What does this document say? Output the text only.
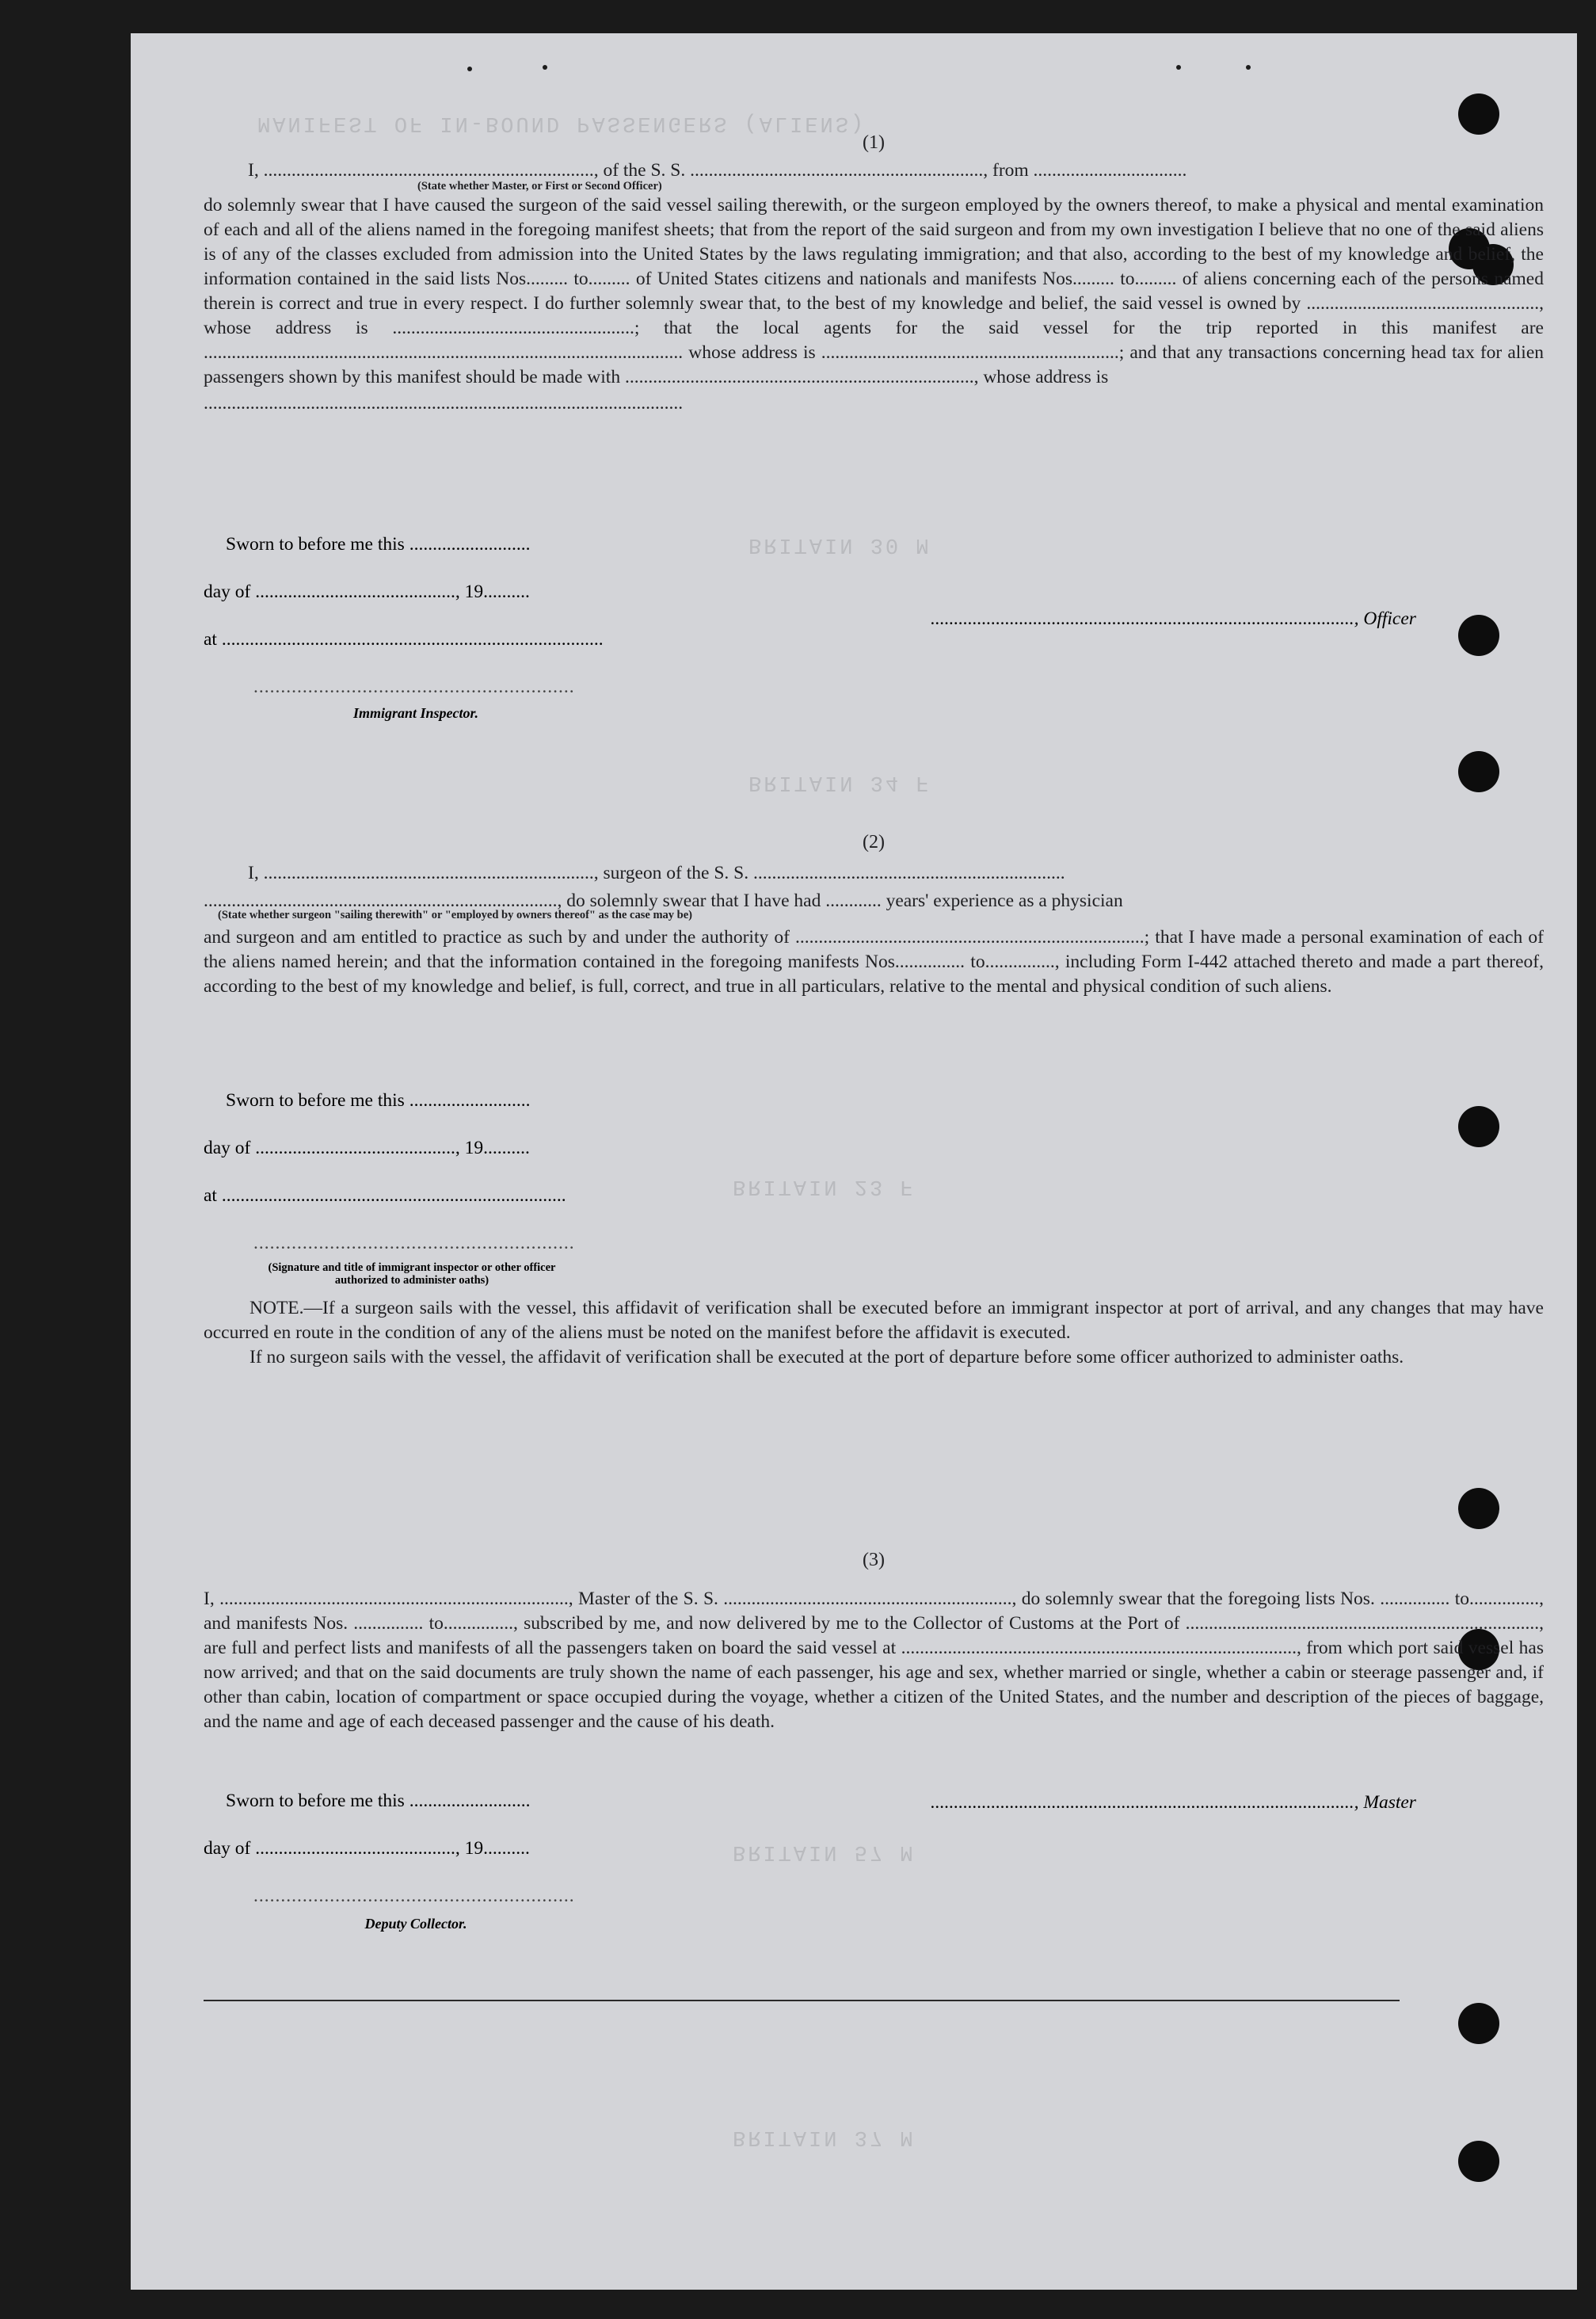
MANIFEST OF IN-BOUND PASSENGERS (ALIENS)
BRITAIN 30 M
BRITAIN 34 F
BRITAIN 23 F
BRITAIN 57 M
BRITAIN 37 M
(1)
I, ......................................................................., of the S. S. ..............................................................., from .................................
(State whether Master, or First or Second Officer)

do solemnly swear that I have caused the surgeon of the said vessel sailing therewith, or the surgeon employed by the owners thereof, to make a physical and mental examination of each and all of the aliens named in the foregoing manifest sheets; that from the report of the said surgeon and from my own investigation I believe that no one of the said aliens is of any of the classes excluded from admission into the United States by the laws regulating immigration; and that also, according to the best of my knowledge and belief, the information contained in the said lists Nos......... to......... of United States citizens and nationals and manifests Nos......... to......... of aliens concerning each of the persons named therein is correct and true in every respect. I do further solemnly swear that, to the best of my knowledge and belief, the said vessel is owned by .................................................., whose address is ....................................................; that the local agents for the said vessel for the trip reported in this manifest are ....................................................................................................... whose address is ................................................................; and that any transactions concerning head tax for alien passengers shown by this manifest should be made with ..........................................................................., whose address is

.......................................................................................................
Sworn to before me this ..........................
day of ..........................................., 19..........
..........................................................................................., Officer
at ..................................................................................
...........................................................
Immigrant Inspector.
(2)
I, ......................................................................., surgeon of the S. S. ...................................................................
............................................................................, do solemnly swear that I have had ............ years' experience as a physician
(State whether surgeon "sailing therewith" or "employed by owners thereof" as the case may be)

and surgeon and am entitled to practice as such by and under the authority of ...........................................................................; that I have made a personal examination of each of the aliens named herein; and that the information contained in the foregoing manifests Nos............... to..............., including Form I-442 attached thereto and made a part thereof, according to the best of my knowledge and belief, is full, correct, and true in all particulars, relative to the mental and physical condition of such aliens.

Sworn to before me this ..........................
day of ..........................................., 19..........
at ..........................................................................
...........................................................
(Signature and title of immigrant inspector or other officer authorized to administer oaths)

NOTE.—If a surgeon sails with the vessel, this affidavit of verification shall be executed before an immigrant inspector at port of arrival, and any changes that may have occurred en route in the condition of any of the aliens must be noted on the manifest before the affidavit is executed.

If no surgeon sails with the vessel, the affidavit of verification shall be executed at the port of departure before some officer authorized to administer oaths.

(3)

I, ..........................................................................., Master of the S. S. .............................................................., do solemnly swear that the foregoing lists Nos. ............... to..............., and manifests Nos. ............... to..............., subscribed by me, and now delivered by me to the Collector of Customs at the Port of ............................................................................, are full and perfect lists and manifests of all the passengers taken on board the said vessel at ....................................................................................., from which port said vessel has now arrived; and that on the said documents are truly shown the name of each passenger, his age and sex, whether married or single, whether a cabin or steerage passenger and, if other than cabin, location of compartment or space occupied during the voyage, whether a citizen of the United States, and the number and description of the pieces of baggage, and the name and age of each deceased passenger and the cause of his death.

Sworn to before me this ..........................	..........................................................................................., Master
day of ..........................................., 19..........
...........................................................
Deputy Collector.
